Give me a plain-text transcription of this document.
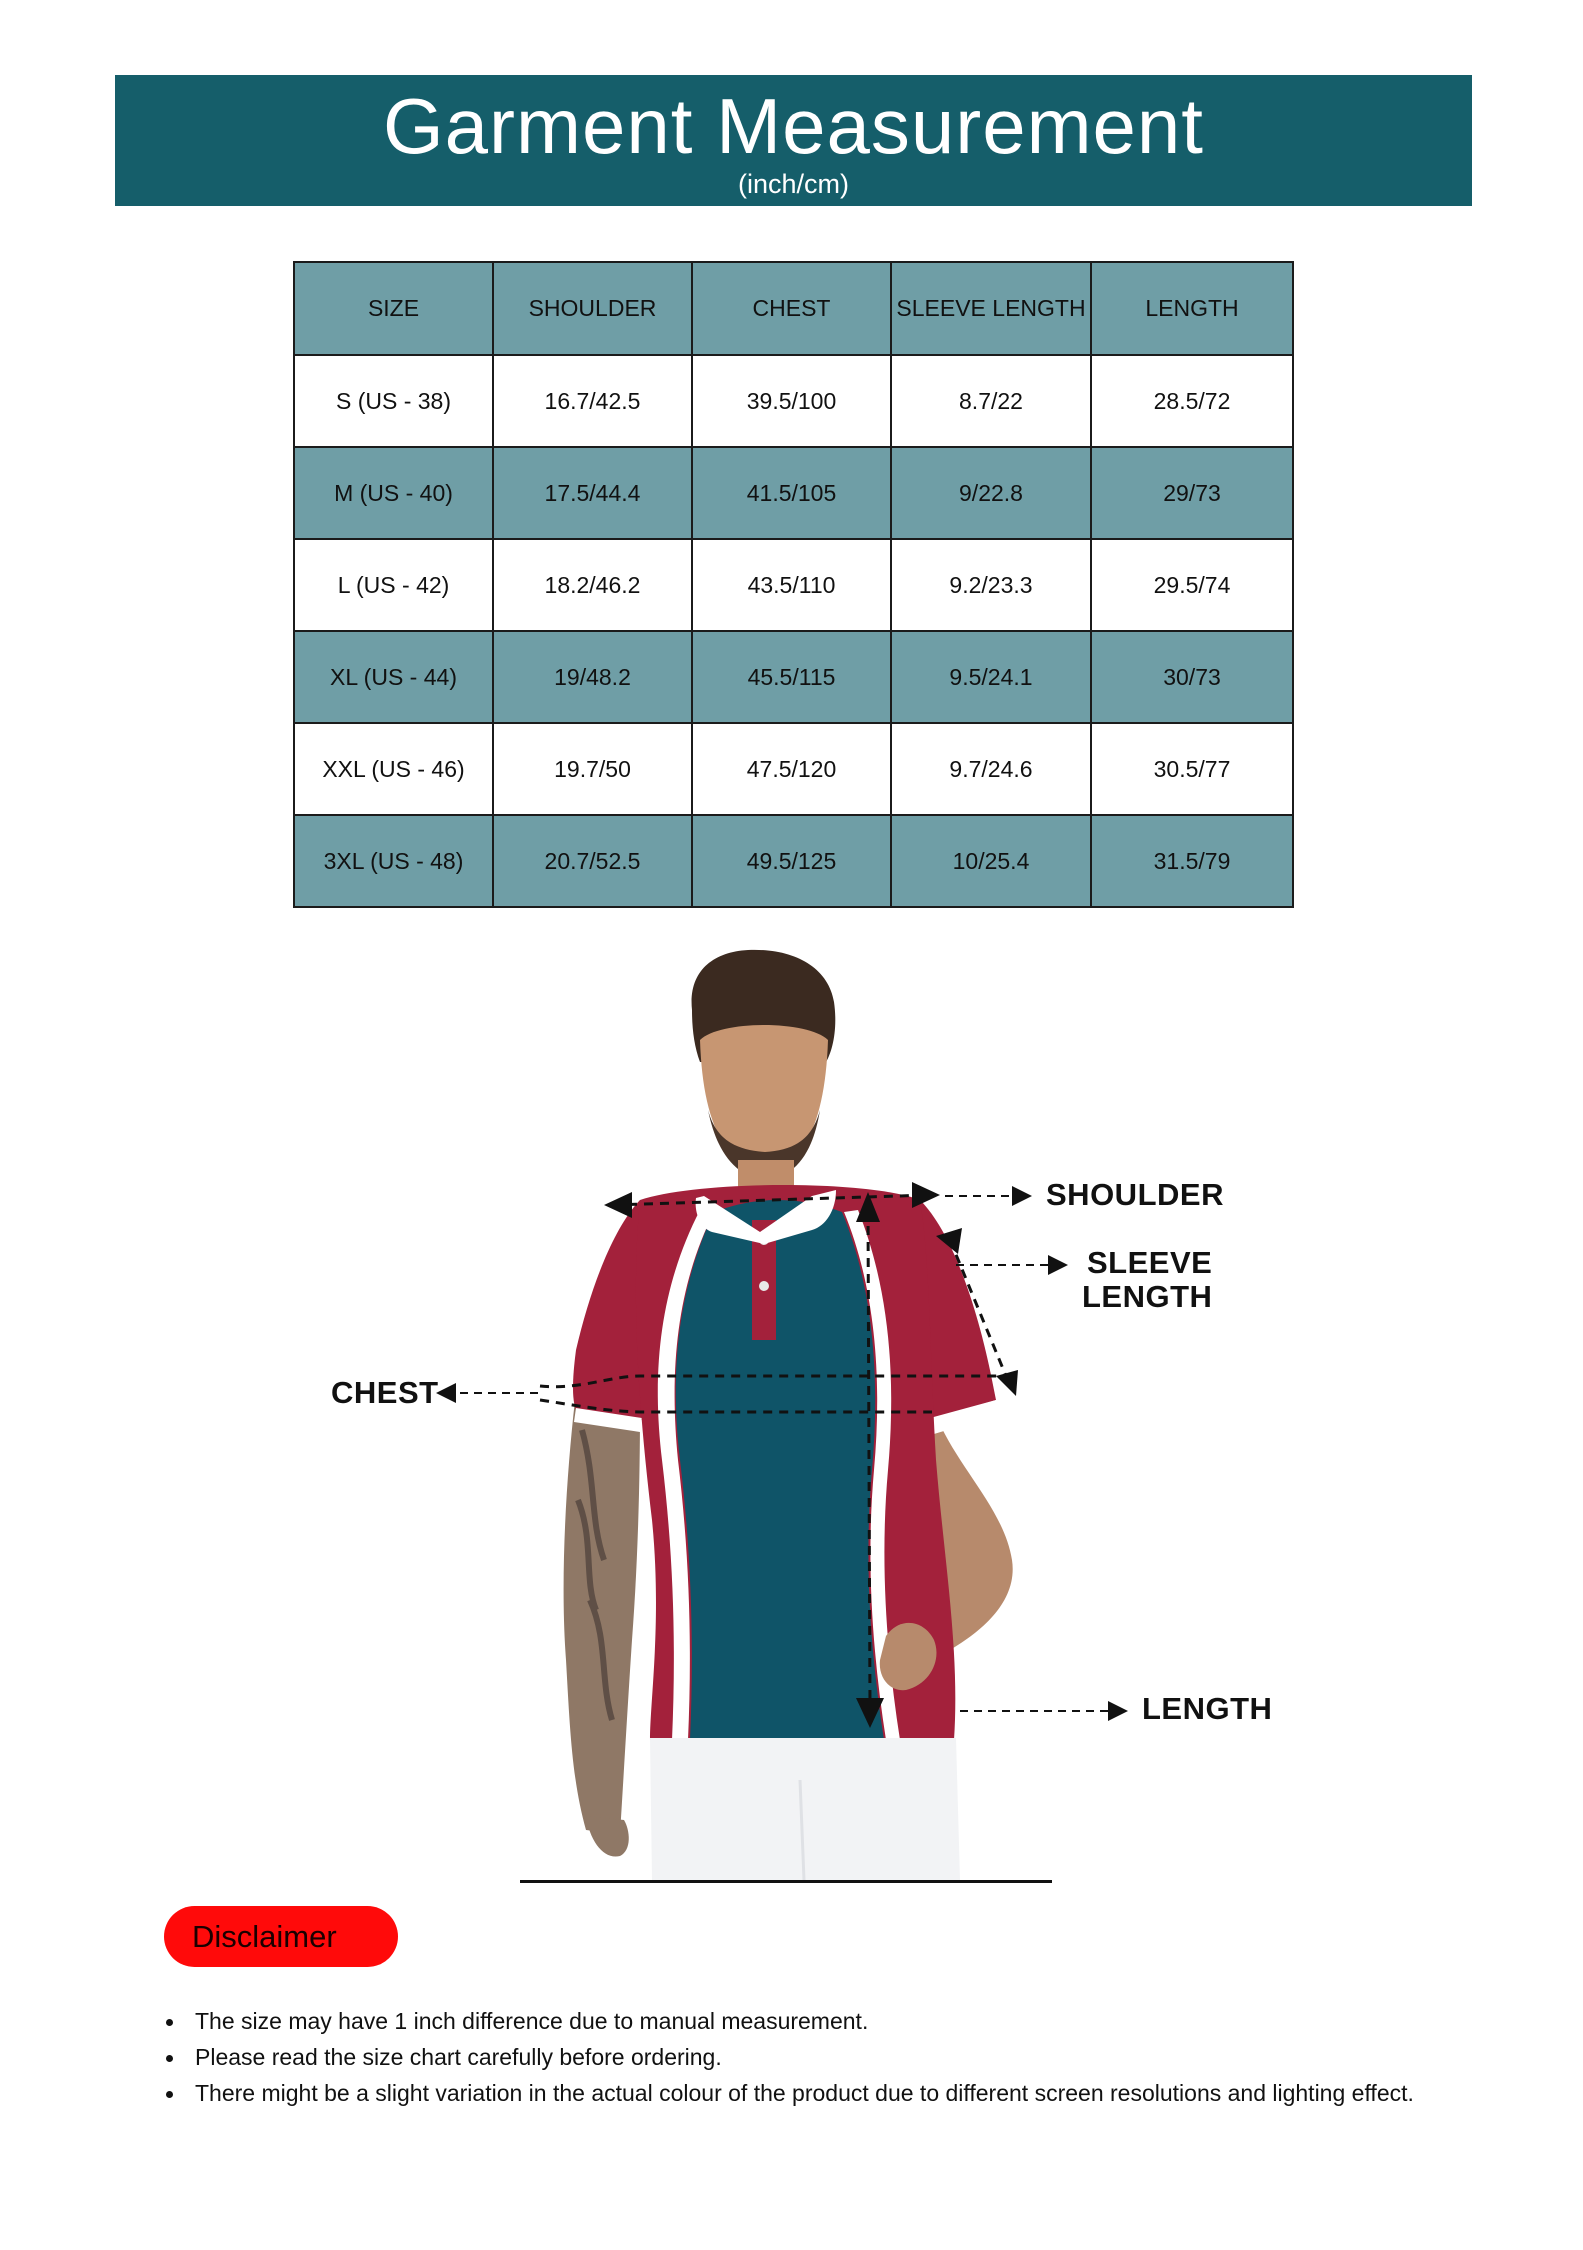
Garment Measurement
(inch/cm)
SIZE	SHOULDER	CHEST	SLEEVE LENGTH	LENGTH
S (US - 38)	16.7/42.5	39.5/100	8.7/22	28.5/72
M (US - 40)	17.5/44.4	41.5/105	9/22.8	29/73
L (US - 42)	18.2/46.2	43.5/110	9.2/23.3	29.5/74
XL (US - 44)	19/48.2	45.5/115	9.5/24.1	30/73
XXL (US - 46)	19.7/50	47.5/120	9.7/24.6	30.5/77
3XL (US - 48)	20.7/52.5	49.5/125	10/25.4	31.5/79
SHOULDER
SLEEVE
LENGTH
CHEST
LENGTH
Disclaimer
The size may have 1 inch difference due to manual measurement.
Please read the size chart carefully before ordering.
There might be a slight variation in the actual colour of the product due to different screen resolutions and lighting effect.
